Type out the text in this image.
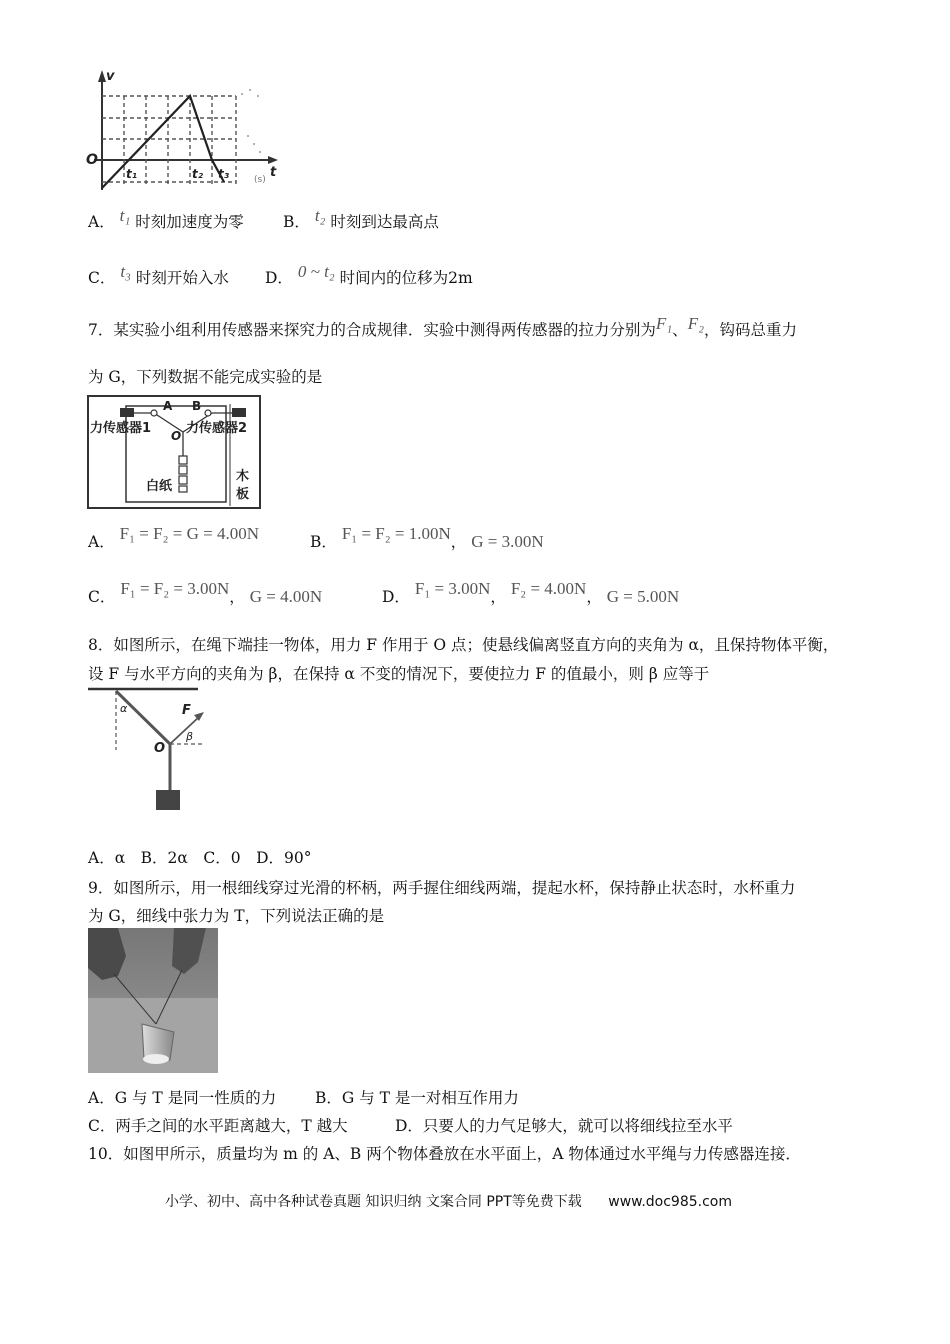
v
O
t
t₁	t₂ t₃	(s)
A． t₁ 时刻加速度为零	B． t₂ 时刻到达最高点
C． t₃ 时刻开始入水 D． 0 ~ t₂ 时间内的位移为2m
7．某实验小组利用传感器来探究力的合成规律．实验中测得两传感器的拉力分别为F₁、F₂，钩码总重力
为 G，下列数据不能完成实验的是
A B
O
力传感器1	力传感器2
白纸
木
板
A． F₁ = F₂ = G = 4.00N	B． F₁ = F₂ = 1.00N， G = 3.00N
C． F₁ = F₂ = 3.00N， G = 4.00N	D． F₁ = 3.00N， F₂ = 4.00N， G = 5.00N
8．如图所示，在绳下端挂一物体，用力 F 作用于 O 点；使悬线偏离竖直方向的夹角为 α，且保持物体平衡，
设 F 与水平方向的夹角为 β，在保持 α 不变的情况下，要使拉力 F 的值最小，则 β 应等于
α	F
O
β
A．α　B．2α　C．0　D．90°
9．如图所示，用一根细线穿过光滑的杯柄，两手握住细线两端，提起水杯，保持静止状态时，水杯重力
为 G，细线中张力为 T，下列说法正确的是
A．G 与 T 是同一性质的力	B．G 与 T 是一对相互作用力
C．两手之间的水平距离越大，T 越大	D．只要人的力气足够大，就可以将细线拉至水平
10．如图甲所示，质量均为 m 的 A、B 两个物体叠放在水平面上，A 物体通过水平绳与力传感器连接．
小学、初中、高中各种试卷真题 知识归纳 文案合同 PPT等免费下载 www.doc985.com
